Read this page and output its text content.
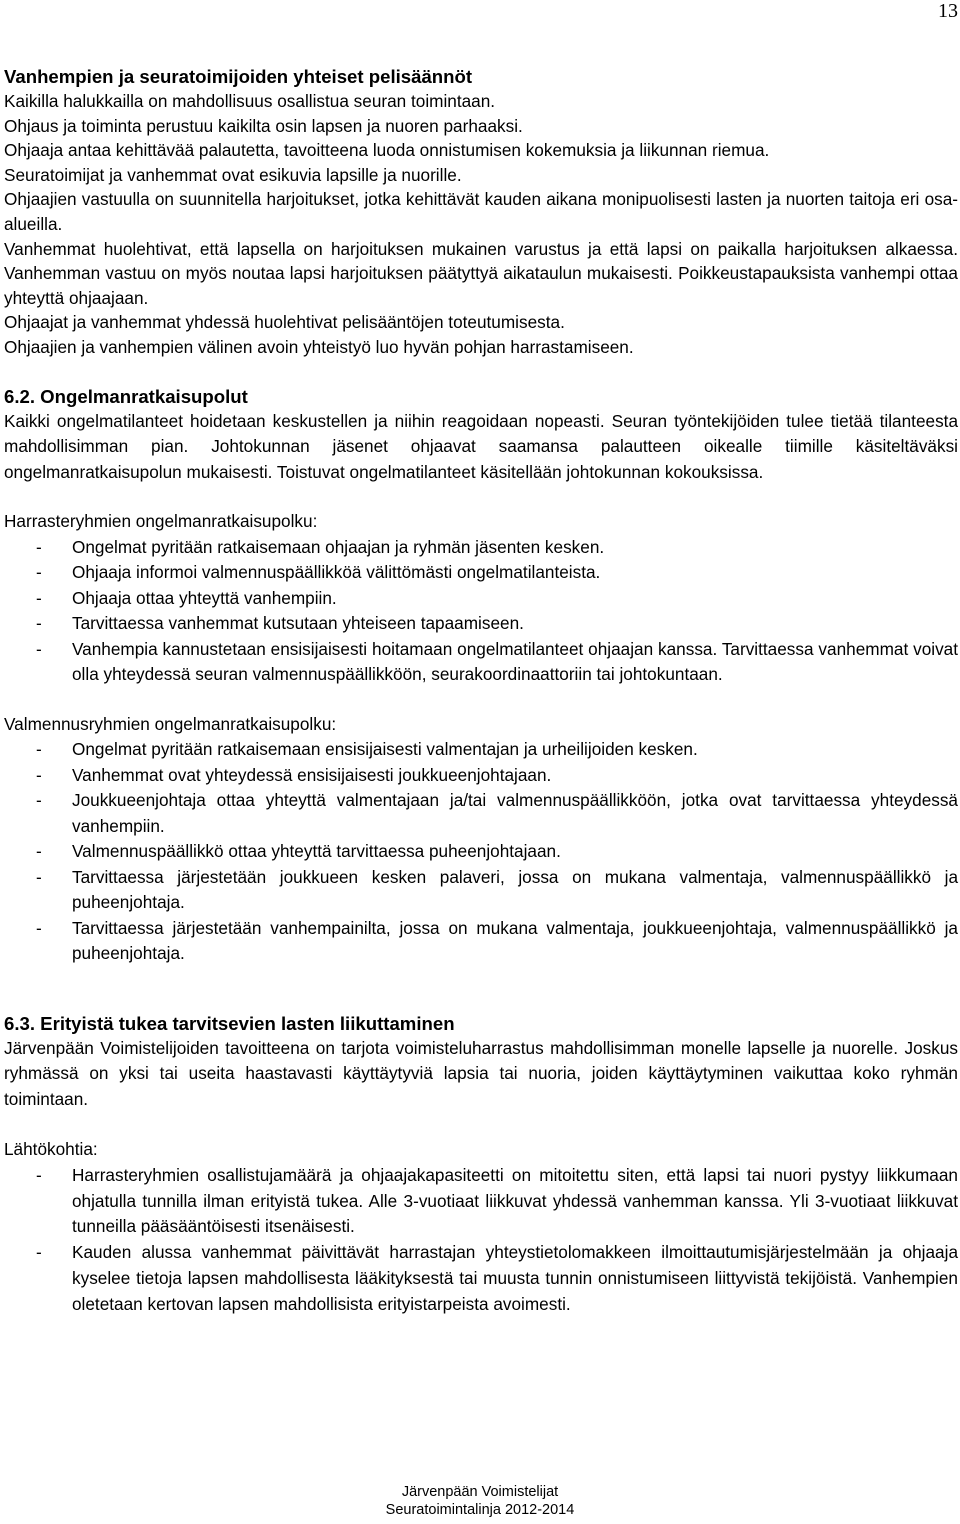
13

Vanhempien ja seuratoimijoiden yhteiset pelisäännöt

Kaikilla halukkailla on mahdollisuus osallistua seuran toimintaan.

Ohjaus ja toiminta perustuu kaikilta osin lapsen ja nuoren parhaaksi.

Ohjaaja antaa kehittävää palautetta, tavoitteena luoda onnistumisen kokemuksia ja liikunnan riemua.

Seuratoimijat ja vanhemmat ovat esikuvia lapsille ja nuorille.

Ohjaajien vastuulla on suunnitella harjoitukset, jotka kehittävät kauden aikana monipuolisesti lasten ja nuorten taitoja eri osa-alueilla.

Vanhemmat huolehtivat, että lapsella on harjoituksen mukainen varustus ja että lapsi on paikalla harjoituksen alkaessa. Vanhemman vastuu on myös noutaa lapsi harjoituksen päätyttyä aikataulun mukaisesti. Poikkeustapauksista vanhempi ottaa yhteyttä ohjaajaan.

Ohjaajat ja vanhemmat yhdessä huolehtivat pelisääntöjen toteutumisesta.

Ohjaajien ja vanhempien välinen avoin yhteistyö luo hyvän pohjan harrastamiseen.

6.2. Ongelmanratkaisupolut

Kaikki ongelmatilanteet hoidetaan keskustellen ja niihin reagoidaan nopeasti. Seuran työntekijöiden tulee tietää tilanteesta mahdollisimman pian. Johtokunnan jäsenet ohjaavat saamansa palautteen oikealle tiimille käsiteltäväksi ongelmanratkaisupolun mukaisesti. Toistuvat ongelmatilanteet käsitellään johtokunnan kokouksissa.

Harrasteryhmien ongelmanratkaisupolku:

- Ongelmat pyritään ratkaisemaan ohjaajan ja ryhmän jäsenten kesken.
- Ohjaaja informoi valmennuspäällikköä välittömästi ongelmatilanteista.
- Ohjaaja ottaa yhteyttä vanhempiin.
- Tarvittaessa vanhemmat kutsutaan yhteiseen tapaamiseen.
- Vanhempia kannustetaan ensisijaisesti hoitamaan ongelmatilanteet ohjaajan kanssa. Tarvittaessa vanhemmat voivat olla yhteydessä seuran valmennuspäällikköön, seurakoordinaattoriin tai johtokuntaan.

Valmennusryhmien ongelmanratkaisupolku:

- Ongelmat pyritään ratkaisemaan ensisijaisesti valmentajan ja urheilijoiden kesken.
- Vanhemmat ovat yhteydessä ensisijaisesti joukkueenjohtajaan.
- Joukkueenjohtaja ottaa yhteyttä valmentajaan ja/tai valmennuspäällikköön, jotka ovat tarvittaessa yhteydessä vanhempiin.
- Valmennuspäällikkö ottaa yhteyttä tarvittaessa puheenjohtajaan.
- Tarvittaessa järjestetään joukkueen kesken palaveri, jossa on mukana valmentaja, valmennuspäällikkö ja puheenjohtaja.
- Tarvittaessa järjestetään vanhempainilta, jossa on mukana valmentaja, joukkueenjohtaja, valmennuspäällikkö ja puheenjohtaja.

6.3. Erityistä tukea tarvitsevien lasten liikuttaminen

Järvenpään Voimistelijoiden tavoitteena on tarjota voimisteluharrastus mahdollisimman monelle lapselle ja nuorelle. Joskus ryhmässä on yksi tai useita haastavasti käyttäytyviä lapsia tai nuoria, joiden käyttäytyminen vaikuttaa koko ryhmän toimintaan.

Lähtökohtia:

- Harrasteryhmien osallistujamäärä ja ohjaajakapasiteetti on mitoitettu siten, että lapsi tai nuori pystyy liikkumaan ohjatulla tunnilla ilman erityistä tukea. Alle 3-vuotiaat liikkuvat yhdessä vanhemman kanssa. Yli 3-vuotiaat liikkuvat tunneilla pääsääntöisesti itsenäisesti.
- Kauden alussa vanhemmat päivittävät harrastajan yhteystietolomakkeen ilmoittautumisjärjestelmään ja ohjaaja kyselee tietoja lapsen mahdollisesta lääkityksestä tai muusta tunnin onnistumiseen liittyvistä tekijöistä. Vanhempien oletetaan kertovan lapsen mahdollisista erityistarpeista avoimesti.
Järvenpään Voimistelijat
Seuratoimintalinja 2012-2014
